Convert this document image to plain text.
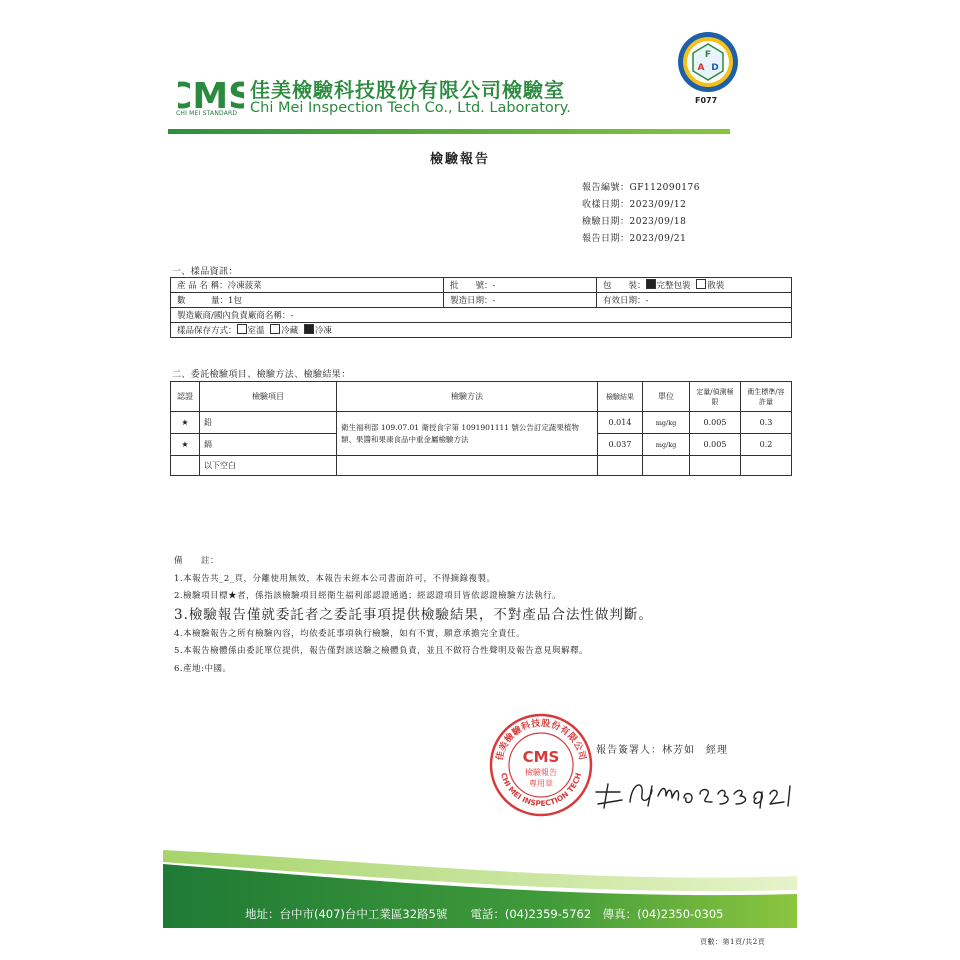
CMS
CHI MEI STANDARD
佳美檢驗科技股份有限公司檢驗室
Chi Mei Inspection Tech Co., Ltd. Laboratory.
F
A D
F077
檢驗報告
報告編號：GF112090176
收樣日期：2023/09/12
檢驗日期：2023/09/18
報告日期：2023/09/21
一、樣品資訊：
產 品 名 稱：冷凍菠菜	批　　號：-	包　　裝： 完整包裝 散裝
數　　　量：1包	製造日期：-	有效日期：-
製造廠商/國內負責廠商名稱：-		
樣品保存方式： 室溫 冷藏 冷凍		
二、委託檢驗項目、檢驗方法、檢驗結果：
認證	檢驗項目	檢驗方法	檢驗結果	單位	定量/偵測極限	衛生標準/容許量
★	鉛	衛生福利部 109.07.01 衛授食字第 1091901111 號公告訂定蔬果植物類、果醬和果凍食品中重金屬檢驗方法	0.014	mg/kg	0.005	0.3
★	鎘		0.037	mg/kg	0.005	0.2
	以下空白					
備　　註：
1.本報告共_2_頁，分離使用無效，本報告未經本公司書面許可，不得摘錄複製。
2.檢驗項目標★者，係指該檢驗項目經衛生福利部認證通過；經認證項目皆依認證檢驗方法執行。
3.檢驗報告僅就委託者之委託事項提供檢驗結果，不對產品合法性做判斷。
4.本檢驗報告之所有檢驗內容，均依委託事項執行檢驗，如有不實，願意承擔完全責任。
5.本報告檢體係由委託單位提供，報告僅對該送驗之檢體負責，並且不做符合性聲明及報告意見與解釋。
6.產地:中國。
佳美檢驗科技股份有限公司
CHI MEI INSPECTION TECH
CMS
檢驗報告
專用章
報告簽署人：林芳如　經理
地址：台中市(407)台中工業區32路5號　　電話：(04)2359-5762　傳真：(04)2350-0305
頁數：第1頁/共2頁
